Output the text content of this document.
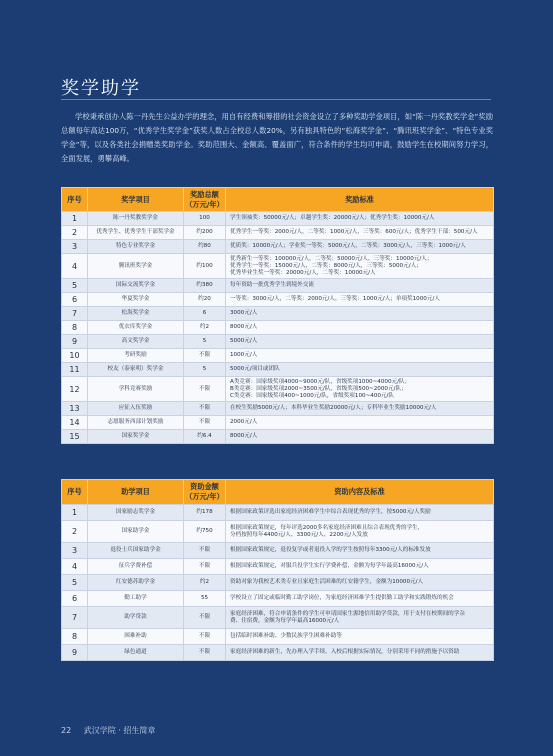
奖学助学
学校秉承创办人陈一丹先生公益办学的理念，用自有经费和筹措的社会资金设立了多种奖助学金项目，如“陈一丹奖教奖学金”奖励总额每年高达100万，“优秀学生奖学金”获奖人数占全校总人数20%，另有独具特色的“松海奖学金”、“腾讯班奖学金”、“特色专业奖学金”等，以及各类社会捐赠类奖助学金。奖助范围大、金额高、覆盖面广，符合条件的学生均可申请，鼓励学生在校期间努力学习，全面发展，勇攀高峰。
序号	奖学项目	奖励总额（万元/年）	奖励标准
1	陈一丹奖教奖学金	100	学生领袖奖：50000元/人；卓越学生奖：20000元/人；优秀学生奖：10000元/人
2	优秀学生、优秀学生干部奖学金	约200	优秀学生一等奖：2000元/人，二等奖：1000元/人，三等奖：600元/人；优秀学生干部：500元/人
3	特色专业奖学金	约80	优质奖：10000元/人；学业奖一等奖：5000元/人，二等奖：3000元/人，三等奖：1000元/人
4	腾讯班奖学金	约100	优秀新生一等奖：100000元/人，二等奖：50000元/人，三等奖：10000元/人；
优秀学生一等奖：15000元/人，二等奖：8000元/人，三等奖：5000元/人；
优秀毕业生奖一等奖：20000元/人，二等奖：10000元/人
5	国际交流奖学金	约380	每年资助一批优秀学生到境外交流
6	华夏奖学金	约20	一等奖：3000元/人，二等奖：2000元/人，三等奖：1000元/人；单项奖1000元/人
7	松海奖学金	6	3000元/人
8	优衣库奖学金	约2	8000元/人
9	高文奖学金	5	5000元/人
10	考研奖励	不限	1000元/人
11	校友（泰家明）奖学金	5	5000元/项目或团队
12	学科竞赛奖励	不限	A类竞赛：国家级奖项4000~9000元/队，省级奖项1000~4000元/队；
B类竞赛：国家级奖项2000~3500元/队，省级奖项500~2000元/队；
C类竞赛：国家级奖项400~1000元/队，省级奖项100~400元/队
13	应征入伍奖励	不限	在校生奖励5000元/人；本科毕业生奖励20000元/人；专科毕业生奖励10000元/人
14	志愿服务西部计划奖励	不限	2000元/人
15	国家奖学金	约6.4	8000元/人
序号	助学项目	资助金额（万元/年）	资助内容及标准
1	国家励志奖学金	约178	根据国家政策评选出家庭经济困难学生中综合表现优秀的学生，按5000元/人奖励
2	国家助学金	约750	根据国家政策规定，每年评选2000多名家庭经济困难且综合表现优秀的学生，
分档按照每年4400元/人、3300元/人、2200元/人发放
3	退役士兵国家助学金	不限	根据国家政策规定，退役复学或者退役入学的学生按照每年3300元/人的标准发放
4	征兵学费补偿	不限	根据国家政策规定，对服兵役学生实行学费补偿，金额为每学年最高16000元/人
5	红安德苏助学金	约2	资助对象为我校艺术类专业且家庭生活困难的红安籍学生，金额为10000元/人
6	勤工助学	55	学校设立了固定或临时勤工助学岗位，为家庭经济困难学生提供勤工助学和实践锻炼的机会
7	助学贷款	不限	家庭经济困难，符合申请条件的学生可申请国家生源地信用助学贷款，用于支付在校期间的学杂
费、住宿费，金额为每学年最高16000元/人
8	困难补助	不限	包括临时困难补助、少数民族学生困难补助等
9	绿色通道	不限	家庭经济困难的新生，先办理入学手续，入校后根据实际情况，分别采用不同的措施予以资助
22 武汉学院 · 招生简章
